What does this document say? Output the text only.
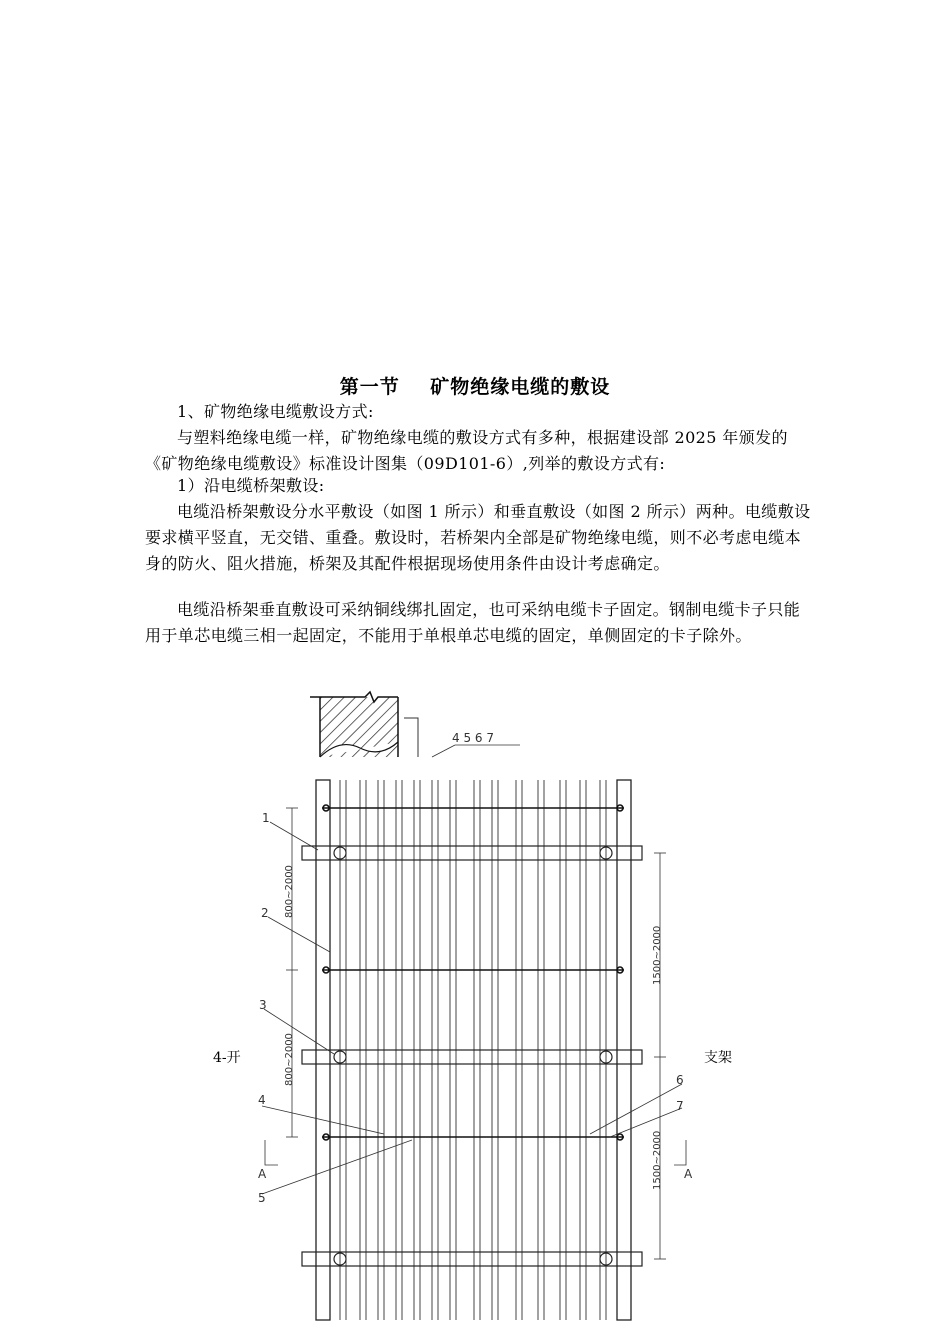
第一节    矿物绝缘电缆的敷设
1、矿物绝缘电缆敷设方式:
与塑料绝缘电缆一样，矿物绝缘电缆的敷设方式有多种，根据建设部 2025 年颁发的《矿物绝缘电缆敷设》标准设计图集（09D101-6）,列举的敷设方式有:
1）沿电缆桥架敷设:
电缆沿桥架敷设分水平敷设（如图 1 所示）和垂直敷设（如图 2 所示）两种。电缆敷设要求横平竖直，无交错、重叠。敷设时，若桥架内全部是矿物绝缘电缆，则不必考虑电缆本身的防火、阻火措施，桥架及其配件根据现场使用条件由设计考虑确定。
电缆沿桥架垂直敷设可采纳铜线绑扎固定，也可采纳电缆卡子固定。钢制电缆卡子只能用于单芯电缆三相一起固定，不能用于单根单芯电缆的固定，单侧固定的卡子除外。
4-开	支架
4 5 6 7
800~2000
800~2000
1500~2000
1500~2000
1
2
3
4
5
6
7
A	A
